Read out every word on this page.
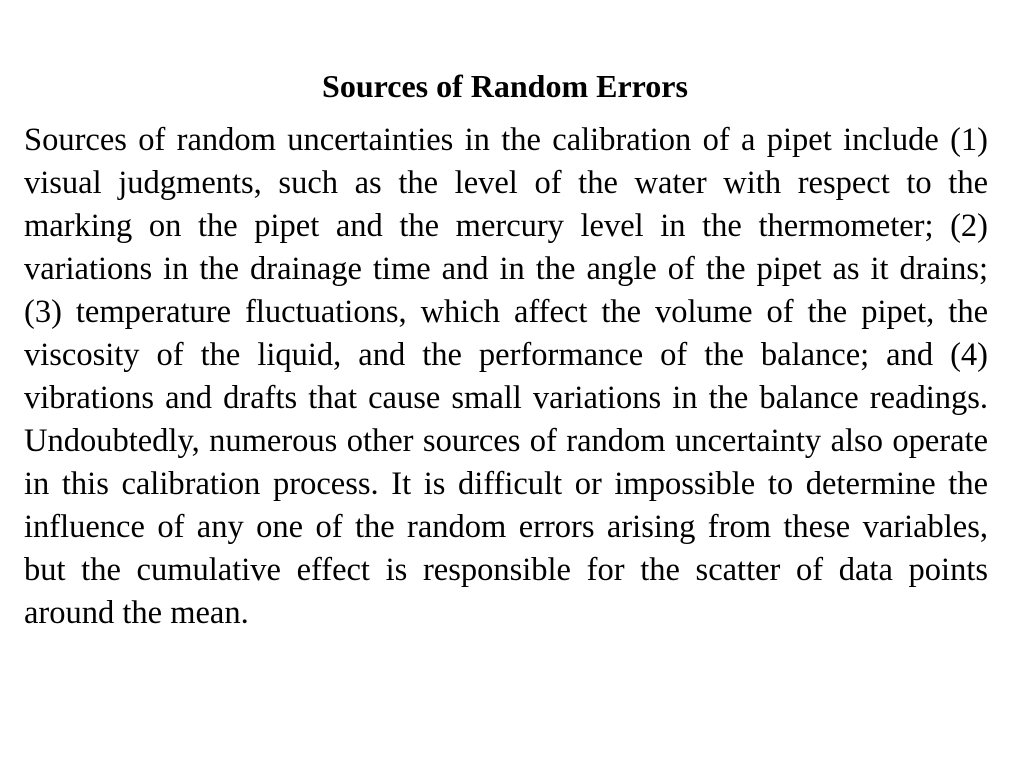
Sources of Random Errors

Sources of random uncertainties in the calibration of a pipet include (1) visual judgments, such as the level of the water with respect to the marking on the pipet and the mercury level in the thermometer; (2) variations in the drainage time and in the angle of the pipet as it drains; (3) temperature fluctuations, which affect the volume of the pipet, the viscosity of the liquid, and the performance of the balance; and (4) vibrations and drafts that cause small variations in the balance readings. Undoubtedly, numerous other sources of random uncertainty also operate in this calibration process. It is difficult or impossible to determine the influence of any one of the random errors arising from these variables, but the cumulative effect is responsible for the scatter of data points around the mean.
